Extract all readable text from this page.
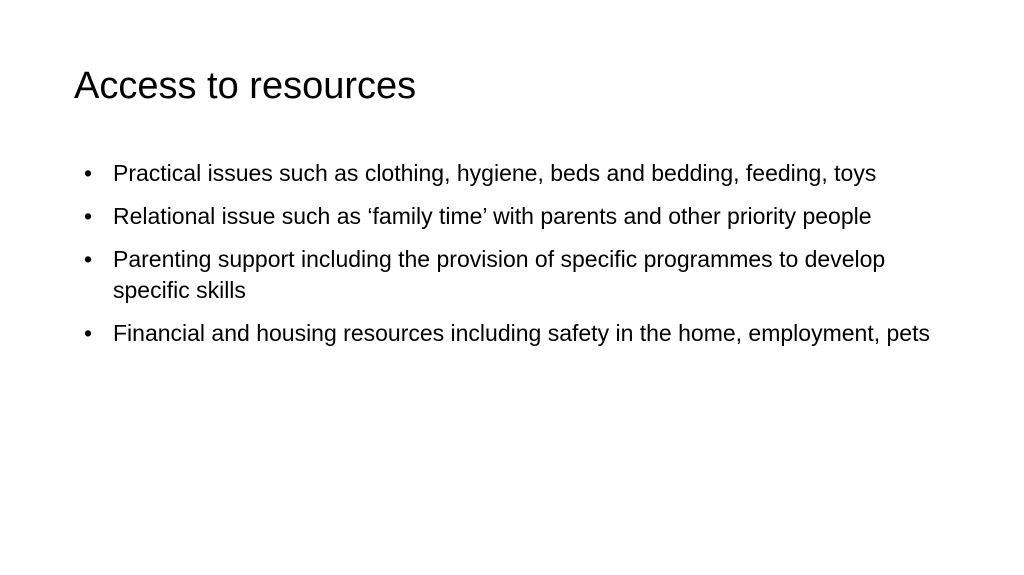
Access to resources
• Practical issues such as clothing, hygiene, beds and bedding, feeding, toys
• Relational issue such as ‘family time’ with parents and other priority people
• Parenting support including the provision of specific programmes to develop specific skills
• Financial and housing resources including safety in the home, employment, pets
